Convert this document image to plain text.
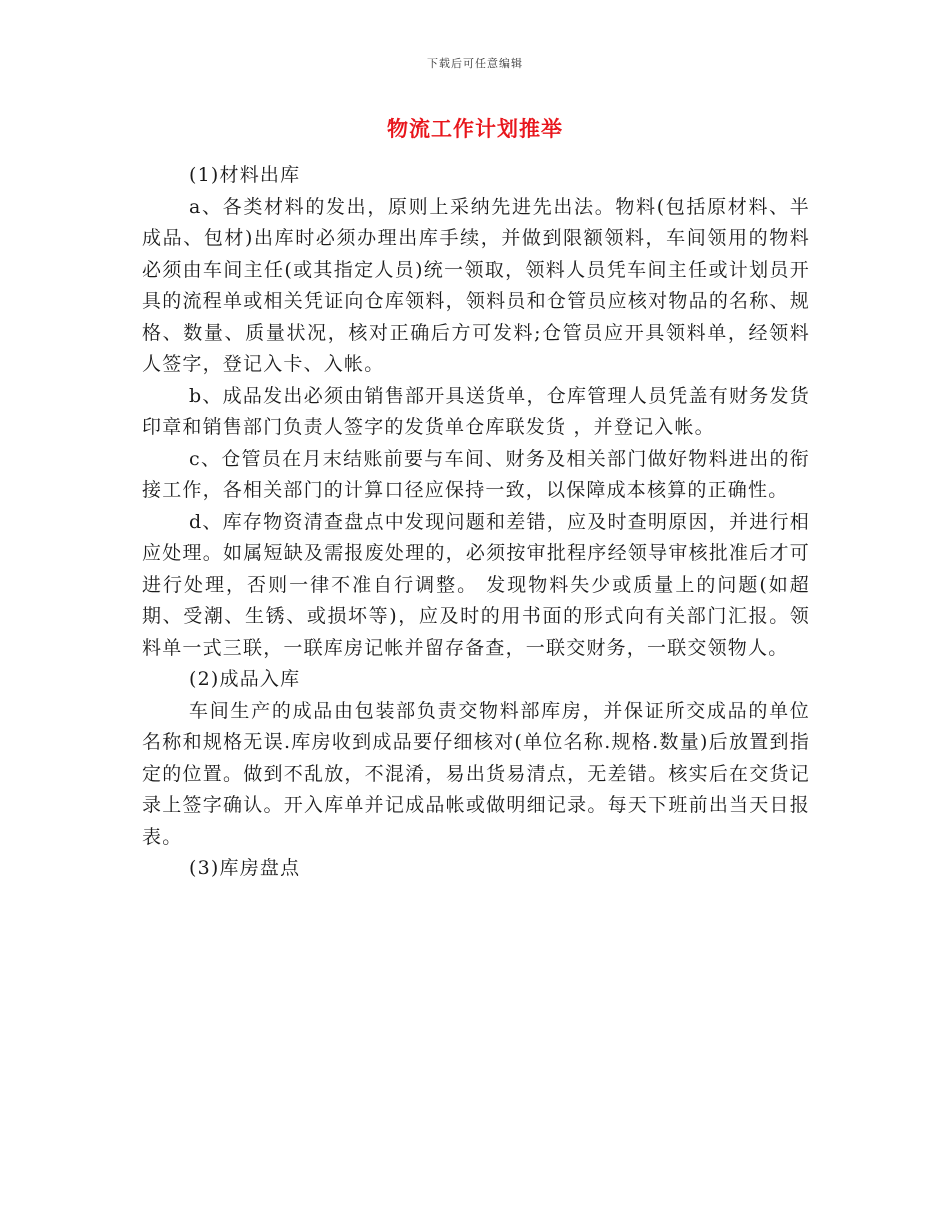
下载后可任意编辑
物流工作计划推举

(1)材料出库

a、各类材料的发出，原则上采纳先进先出法。物料(包括原材料、半成品、包材)出库时必须办理出库手续，并做到限额领料，车间领用的物料必须由车间主任(或其指定人员)统一领取，领料人员凭车间主任或计划员开具的流程单或相关凭证向仓库领料，领料员和仓管员应核对物品的名称、规格、数量、质量状况，核对正确后方可发料;仓管员应开具领料单，经领料人签字，登记入卡、入帐。

b、成品发出必须由销售部开具送货单，仓库管理人员凭盖有财务发货印章和销售部门负责人签字的发货单仓库联发货 ，并登记入帐。

c、仓管员在月末结账前要与车间、财务及相关部门做好物料进出的衔接工作，各相关部门的计算口径应保持一致，以保障成本核算的正确性。

d、库存物资清查盘点中发现问题和差错，应及时查明原因，并进行相应处理。如属短缺及需报废处理的，必须按审批程序经领导审核批准后才可进行处理，否则一律不准自行调整。 发现物料失少或质量上的问题(如超期、受潮、生锈、或损坏等)，应及时的用书面的形式向有关部门汇报。领料单一式三联，一联库房记帐并留存备查，一联交财务，一联交领物人。

(2)成品入库

车间生产的成品由包装部负责交物料部库房，并保证所交成品的单位名称和规格无误.库房收到成品要仔细核对(单位名称.规格.数量)后放置到指定的位置。做到不乱放，不混淆，易出货易清点，无差错。核实后在交货记录上签字确认。开入库单并记成品帐或做明细记录。每天下班前出当天日报表。

(3)库房盘点
